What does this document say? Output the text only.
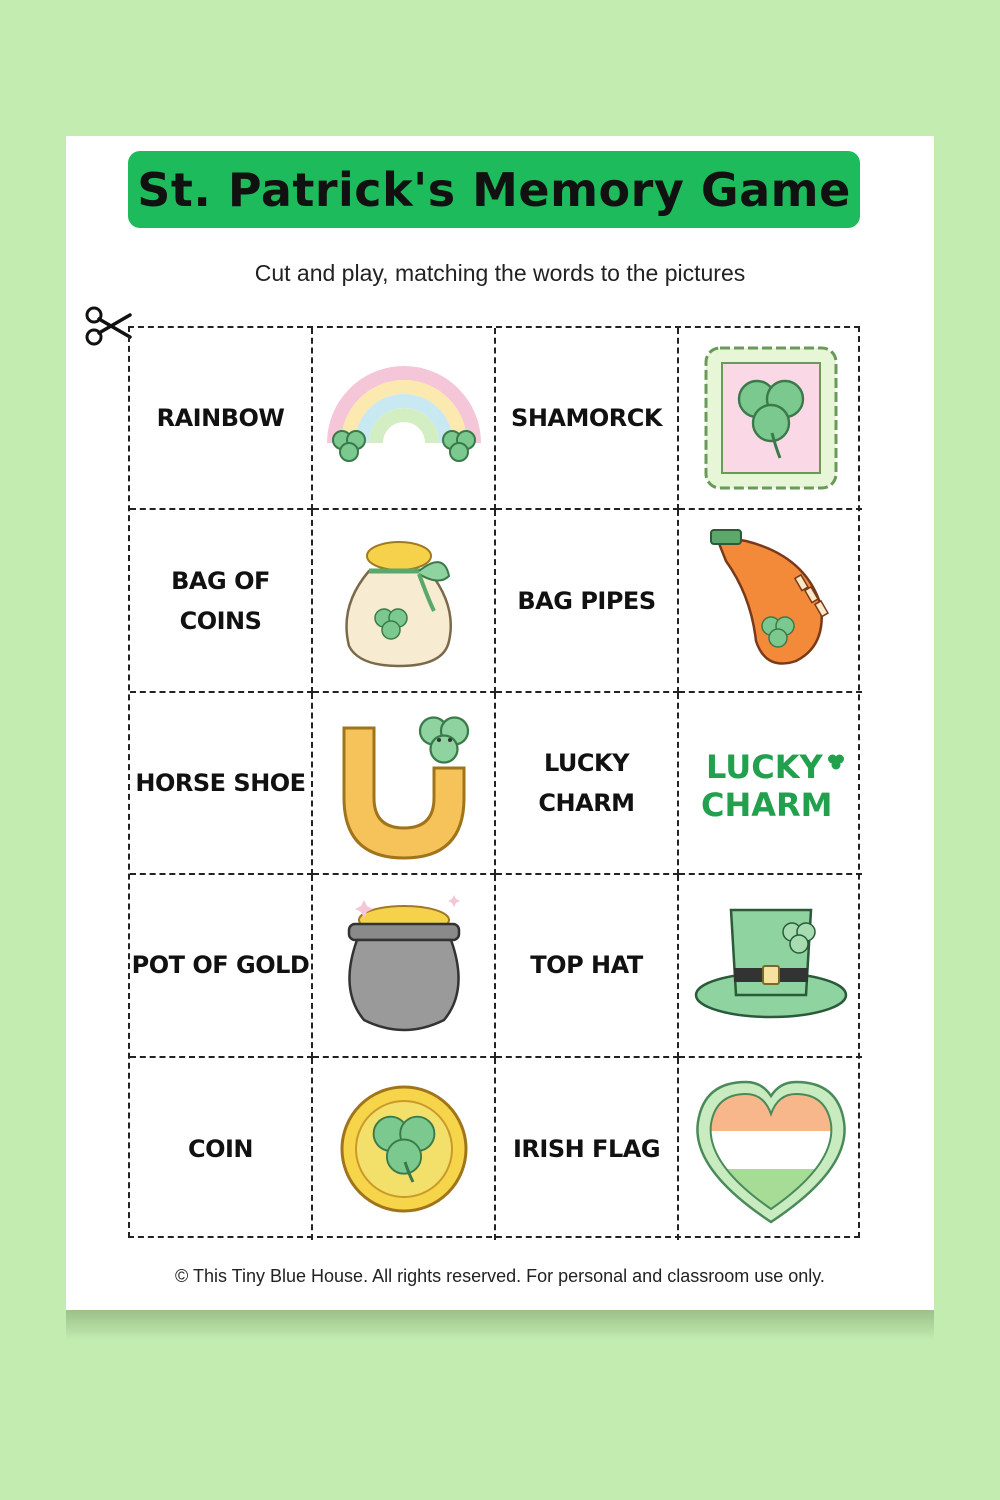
St. Patrick's Memory Game
Cut and play, matching the words to the pictures
RAINBOW	SHAMORCK
BAG OF COINS
BAG PIPES
HORSE SHOE
LUCKY CHARM
LUCKY
CHARM
POT OF GOLD	TOP HAT
COIN	IRISH FLAG
© This Tiny Blue House. All rights reserved. For personal and classroom use only.
